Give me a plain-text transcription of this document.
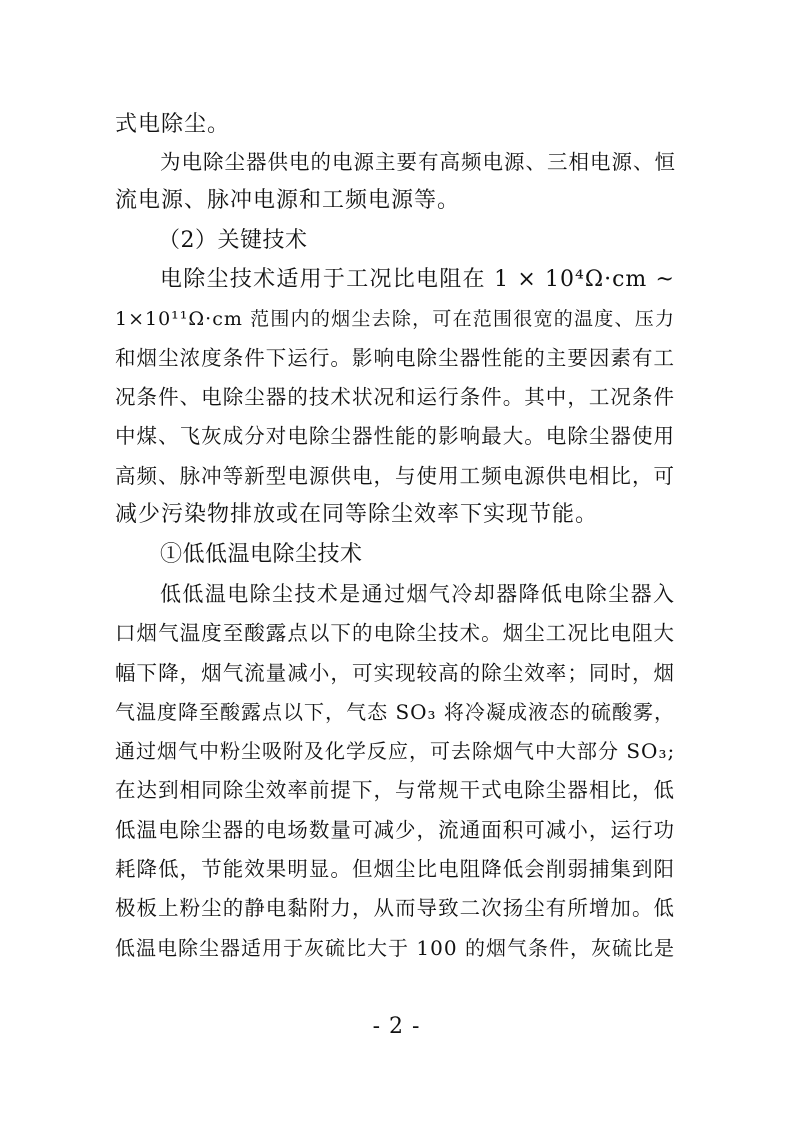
式电除尘。
为电除尘器供电的电源主要有高频电源、三相电源、恒
流电源、脉冲电源和工频电源等。
（2）关键技术
电除尘技术适用于工况比电阻在 1 × 10⁴Ω·cm ~
1×10¹¹Ω·cm 范围内的烟尘去除，可在范围很宽的温度、压力
和烟尘浓度条件下运行。影响电除尘器性能的主要因素有工
况条件、电除尘器的技术状况和运行条件。其中，工况条件
中煤、飞灰成分对电除尘器性能的影响最大。电除尘器使用
高频、脉冲等新型电源供电，与使用工频电源供电相比，可
减少污染物排放或在同等除尘效率下实现节能。
①低低温电除尘技术
低低温电除尘技术是通过烟气冷却器降低电除尘器入
口烟气温度至酸露点以下的电除尘技术。烟尘工况比电阻大
幅下降，烟气流量减小，可实现较高的除尘效率；同时，烟
气温度降至酸露点以下，气态 SO₃ 将冷凝成液态的硫酸雾，
通过烟气中粉尘吸附及化学反应，可去除烟气中大部分 SO₃;
在达到相同除尘效率前提下，与常规干式电除尘器相比，低
低温电除尘器的电场数量可减少，流通面积可减小，运行功
耗降低，节能效果明显。但烟尘比电阻降低会削弱捕集到阳
极板上粉尘的静电黏附力，从而导致二次扬尘有所增加。低
低温电除尘器适用于灰硫比大于 100 的烟气条件，灰硫比是
- 2 -
